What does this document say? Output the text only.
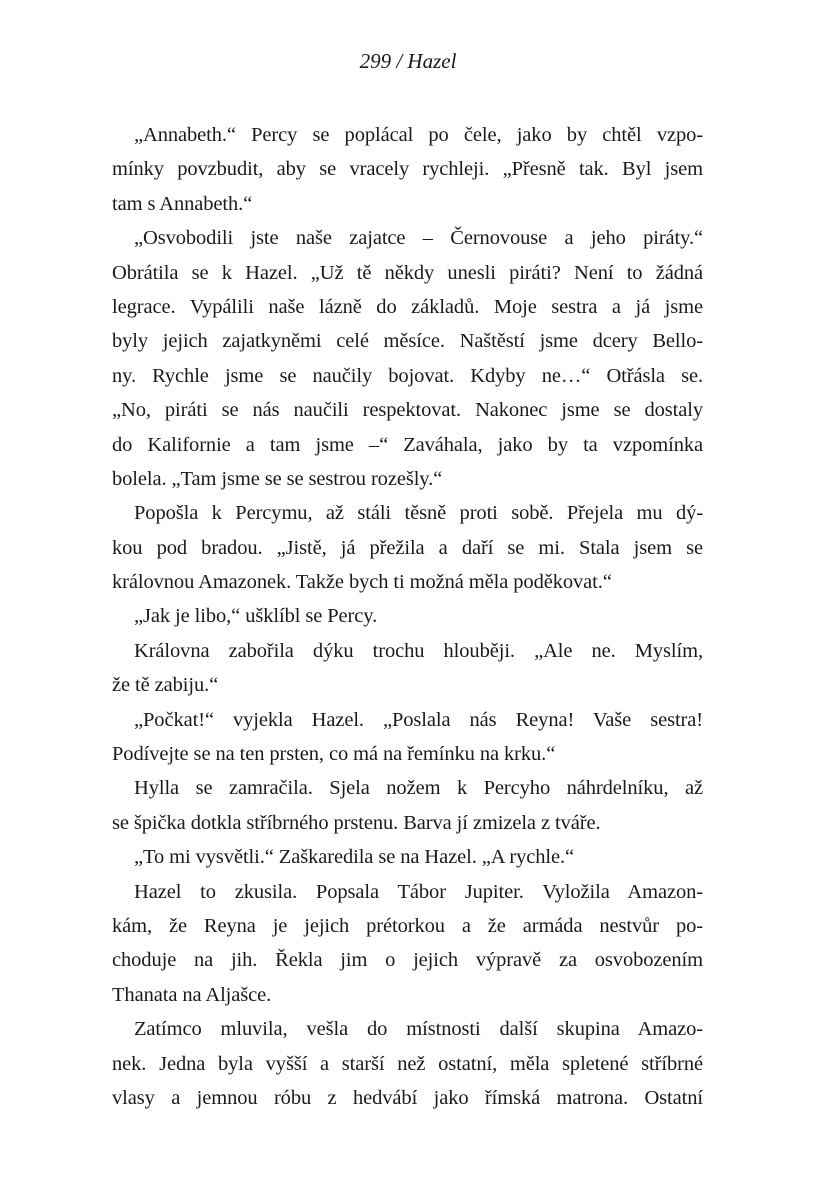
299 / Hazel
„Annabeth.“ Percy se poplácal po čele, jako by chtěl vzpo-
mínky povzbudit, aby se vracely rychleji. „Přesně tak. Byl jsem
tam s Annabeth.“
„Osvobodili jste naše zajatce – Černovouse a jeho piráty.“
Obrátila se k Hazel. „Už tě někdy unesli piráti? Není to žádná
legrace. Vypálili naše lázně do základů. Moje sestra a já jsme
byly jejich zajatkyněmi celé měsíce. Naštěstí jsme dcery Bello-
ny. Rychle jsme se naučily bojovat. Kdyby ne…“ Otřásla se.
„No, piráti se nás naučili respektovat. Nakonec jsme se dostaly
do Kalifornie a tam jsme –“ Zaváhala, jako by ta vzpomínka
bolela. „Tam jsme se se sestrou rozešly.“
Popošla k Percymu, až stáli těsně proti sobě. Přejela mu dý-
kou pod bradou. „Jistě, já přežila a daří se mi. Stala jsem se
královnou Amazonek. Takže bych ti možná měla poděkovat.“
„Jak je libo,“ ušklíbl se Percy.
Královna zabořila dýku trochu hlouběji. „Ale ne. Myslím,
že tě zabiju.“
„Počkat!“ vyjekla Hazel. „Poslala nás Reyna! Vaše sestra!
Podívejte se na ten prsten, co má na řemínku na krku.“
Hylla se zamračila. Sjela nožem k Percyho náhrdelníku, až
se špička dotkla stříbrného prstenu. Barva jí zmizela z tváře.
„To mi vysvětli.“ Zaškaredila se na Hazel. „A rychle.“
Hazel to zkusila. Popsala Tábor Jupiter. Vyložila Amazon-
kám, že Reyna je jejich prétorkou a že armáda nestvůr po-
choduje na jih. Řekla jim o jejich výpravě za osvobozením
Thanata na Aljašce.
Zatímco mluvila, vešla do místnosti další skupina Amazo-
nek. Jedna byla vyšší a starší než ostatní, měla spletené stříbrné
vlasy a jemnou róbu z hedvábí jako římská matrona. Ostatní
